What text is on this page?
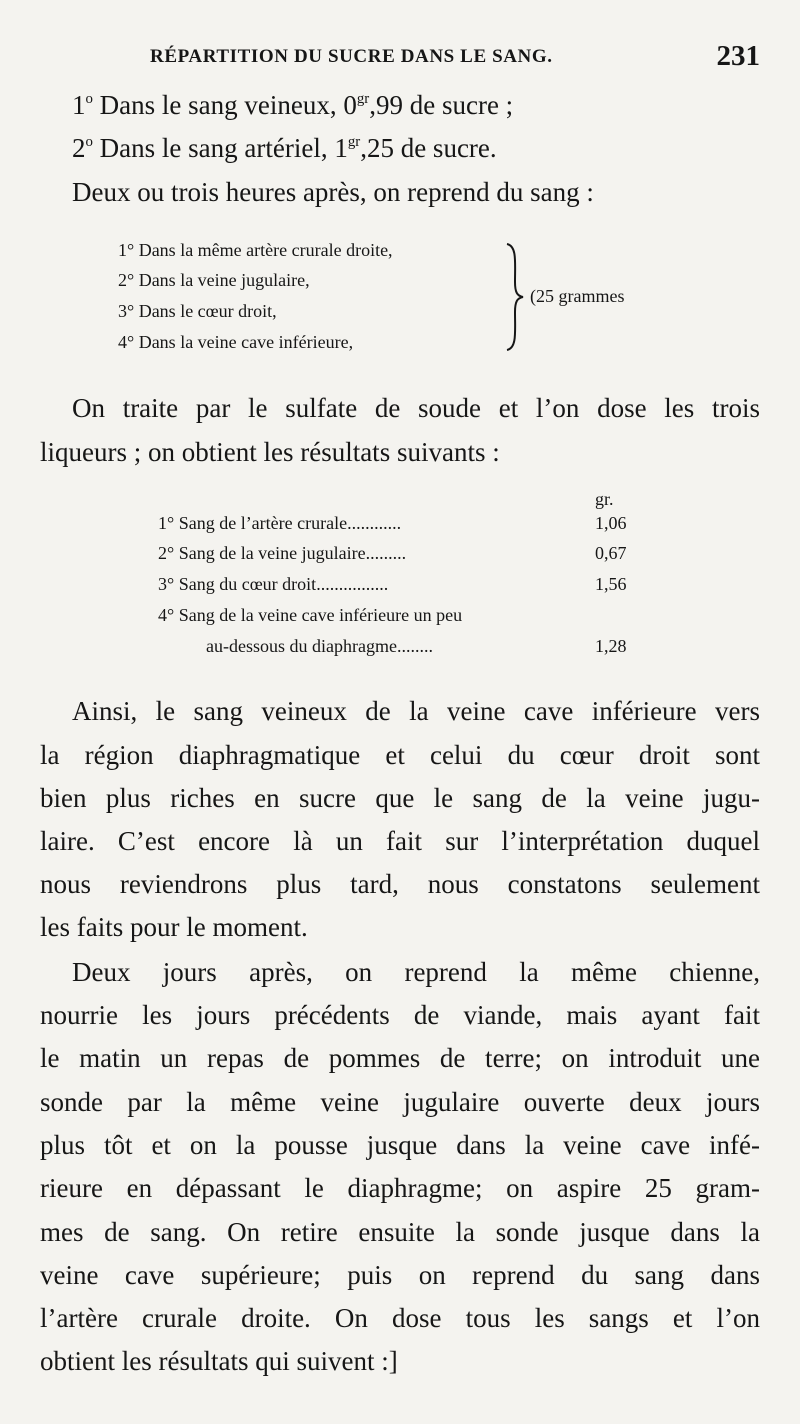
RÉPARTITION DU SUCRE DANS LE SANG.	231
1$^o$ Dans le sang veineux, $0^{gr},99$ de sucre ;
2$^o$ Dans le sang artériel, $1^{gr},25$ de sucre.
Deux ou trois heures après, on reprend du sang :
1° Dans la même artère crurale droite,
2° Dans la veine jugulaire,
3° Dans le cœur droit,
4° Dans la veine cave inférieure,
(25 grammes
On traite par le sulfate de soude et l’on dose les trois
liqueurs ; on obtient les résultats suivants :
gr.
1° Sang de l’artère crurale............	1,06
2° Sang de la veine jugulaire.........	0,67
3° Sang du cœur droit................	1,56
4° Sang de la veine cave inférieure un peu
au-dessous du diaphragme........	1,28
Ainsi, le sang veineux de la veine cave inférieure vers
la région diaphragmatique et celui du cœur droit sont
bien plus riches en sucre que le sang de la veine jugu-
laire. C’est encore là un fait sur l’interprétation duquel
nous reviendrons plus tard, nous constatons seulement
les faits pour le moment.
Deux jours après, on reprend la même chienne,
nourrie les jours précédents de viande, mais ayant fait
le matin un repas de pommes de terre; on introduit une
sonde par la même veine jugulaire ouverte deux jours
plus tôt et on la pousse jusque dans la veine cave infé-
rieure en dépassant le diaphragme; on aspire 25 gram-
mes de sang. On retire ensuite la sonde jusque dans la
veine cave supérieure; puis on reprend du sang dans
l’artère crurale droite. On dose tous les sangs et l’on
obtient les résultats qui suivent :]
